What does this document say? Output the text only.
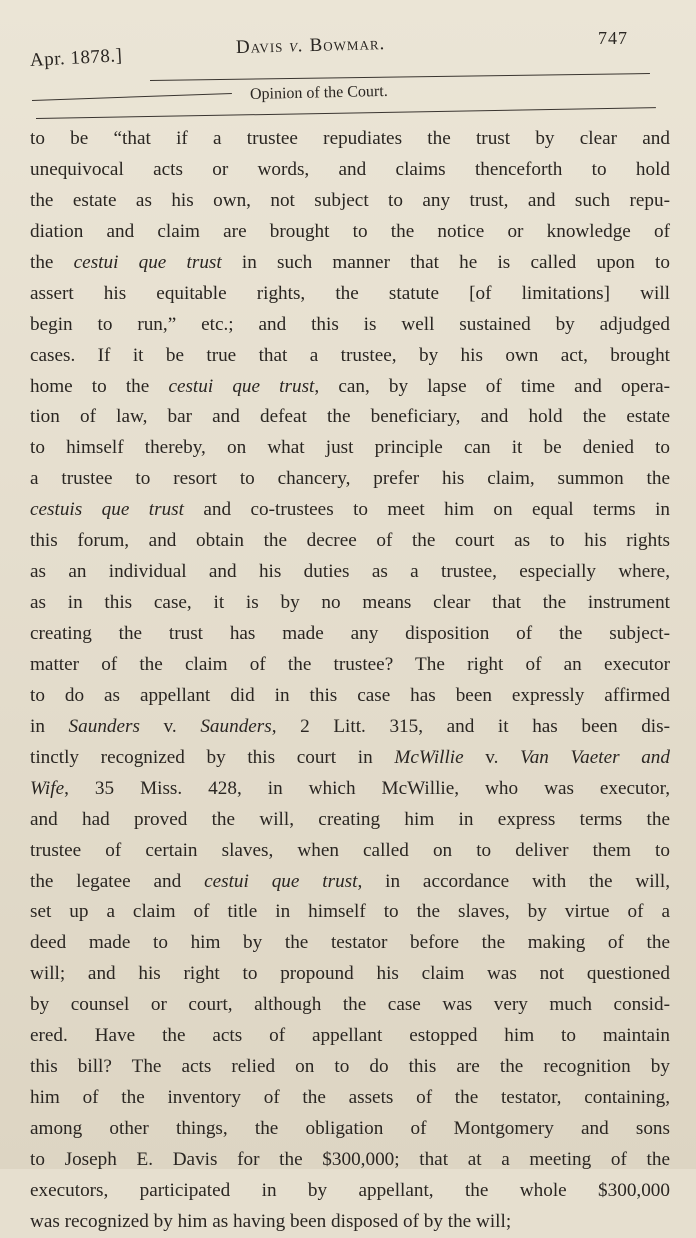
Apr. 1878.]	Davis v. Bowmar.	747
Opinion of the Court.
to be “that if a trustee repudiates the trust by clear and
unequivocal acts or words, and claims thenceforth to hold
the estate as his own, not subject to any trust, and such repu-
diation and claim are brought to the notice or knowledge of
the cestui que trust in such manner that he is called upon to
assert his equitable rights, the statute [of limitations] will
begin to run,” etc.; and this is well sustained by adjudged
cases. If it be true that a trustee, by his own act, brought
home to the cestui que trust, can, by lapse of time and opera-
tion of law, bar and defeat the beneficiary, and hold the estate
to himself thereby, on what just principle can it be denied to
a trustee to resort to chancery, prefer his claim, summon the
cestuis que trust and co-trustees to meet him on equal terms in
this forum, and obtain the decree of the court as to his rights
as an individual and his duties as a trustee, especially where,
as in this case, it is by no means clear that the instrument
creating the trust has made any disposition of the subject-
matter of the claim of the trustee? The right of an executor
to do as appellant did in this case has been expressly affirmed
in Saunders v. Saunders, 2 Litt. 315, and it has been dis-
tinctly recognized by this court in McWillie v. Van Vaeter and
Wife, 35 Miss. 428, in which McWillie, who was executor,
and had proved the will, creating him in express terms the
trustee of certain slaves, when called on to deliver them to
the legatee and cestui que trust, in accordance with the will,
set up a claim of title in himself to the slaves, by virtue of a
deed made to him by the testator before the making of the
will; and his right to propound his claim was not questioned
by counsel or court, although the case was very much consid-
ered. Have the acts of appellant estopped him to maintain
this bill? The acts relied on to do this are the recognition by
him of the inventory of the assets of the testator, containing,
among other things, the obligation of Montgomery and sons
to Joseph E. Davis for the $300,000; that at a meeting of the
executors, participated in by appellant, the whole $300,000
was recognized by him as having been disposed of by the will;
